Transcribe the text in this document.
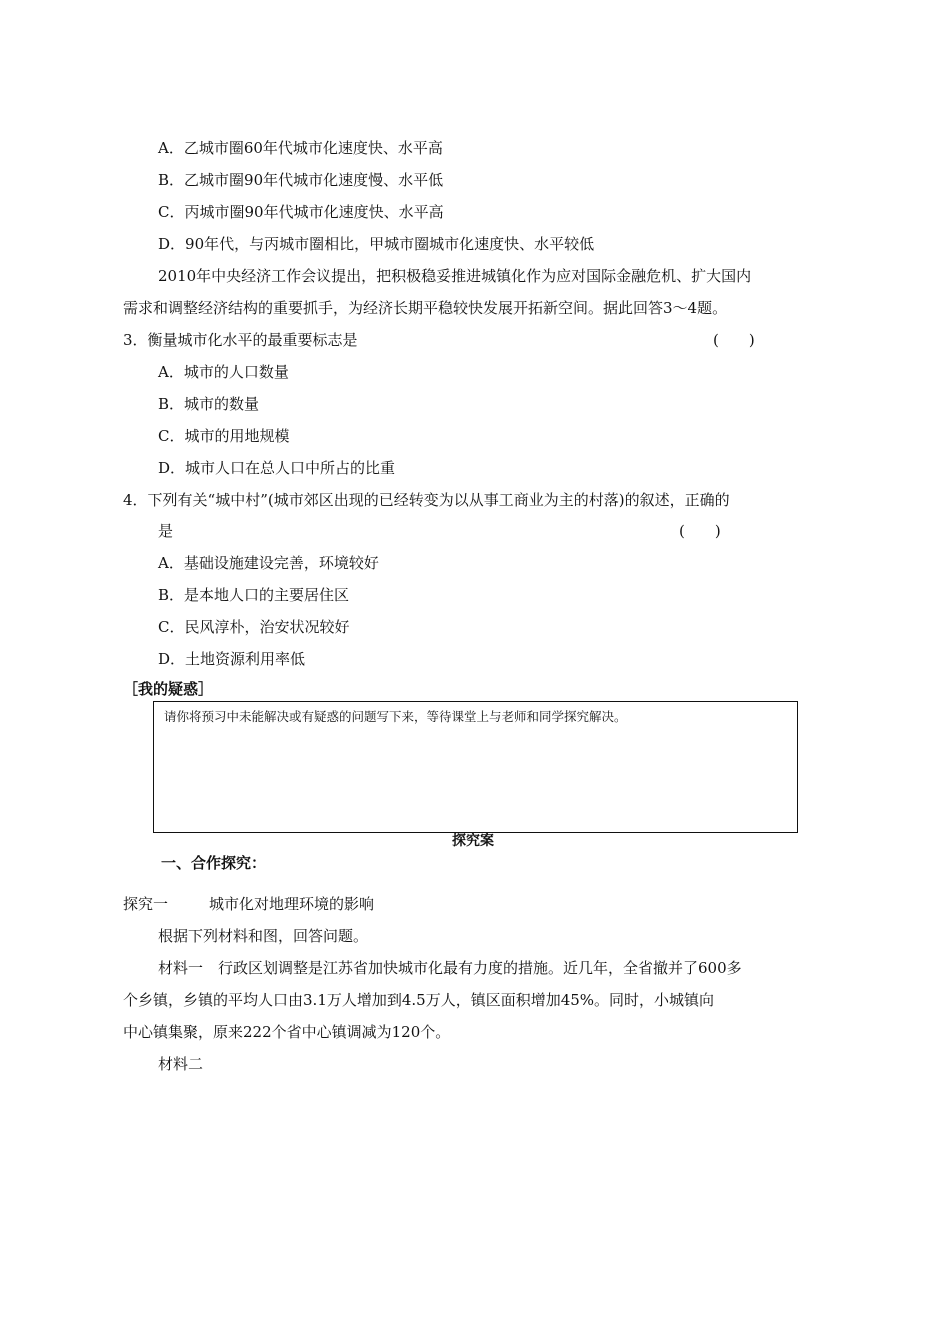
A．乙城市圈60年代城市化速度快、水平高
B．乙城市圈90年代城市化速度慢、水平低
C．丙城市圈90年代城市化速度快、水平高
D．90年代，与丙城市圈相比，甲城市圈城市化速度快、水平较低
2010年中央经济工作会议提出，把积极稳妥推进城镇化作为应对国际金融危机、扩大国内
需求和调整经济结构的重要抓手，为经济长期平稳较快发展开拓新空间。据此回答3～4题。
3．衡量城市化水平的最重要标志是	(　　)
A．城市的人口数量
B．城市的数量
C．城市的用地规模
D．城市人口在总人口中所占的比重
4．下列有关“城中村”(城市郊区出现的已经转变为以从事工商业为主的村落)的叙述，正确的
是	(　　)
A．基础设施建设完善，环境较好
B．是本地人口的主要居住区
C．民风淳朴，治安状况较好
D．土地资源利用率低
［我的疑惑］
请你将预习中未能解决或有疑惑的问题写下来，等待课堂上与老师和同学探究解决。
探究案
一、合作探究：
探究一	城市化对地理环境的影响
根据下列材料和图，回答问题。
材料一　行政区划调整是江苏省加快城市化最有力度的措施。近几年，全省撤并了600多
个乡镇，乡镇的平均人口由3.1万人增加到4.5万人，镇区面积增加45%。同时，小城镇向
中心镇集聚，原来222个省中心镇调减为120个。
材料二
